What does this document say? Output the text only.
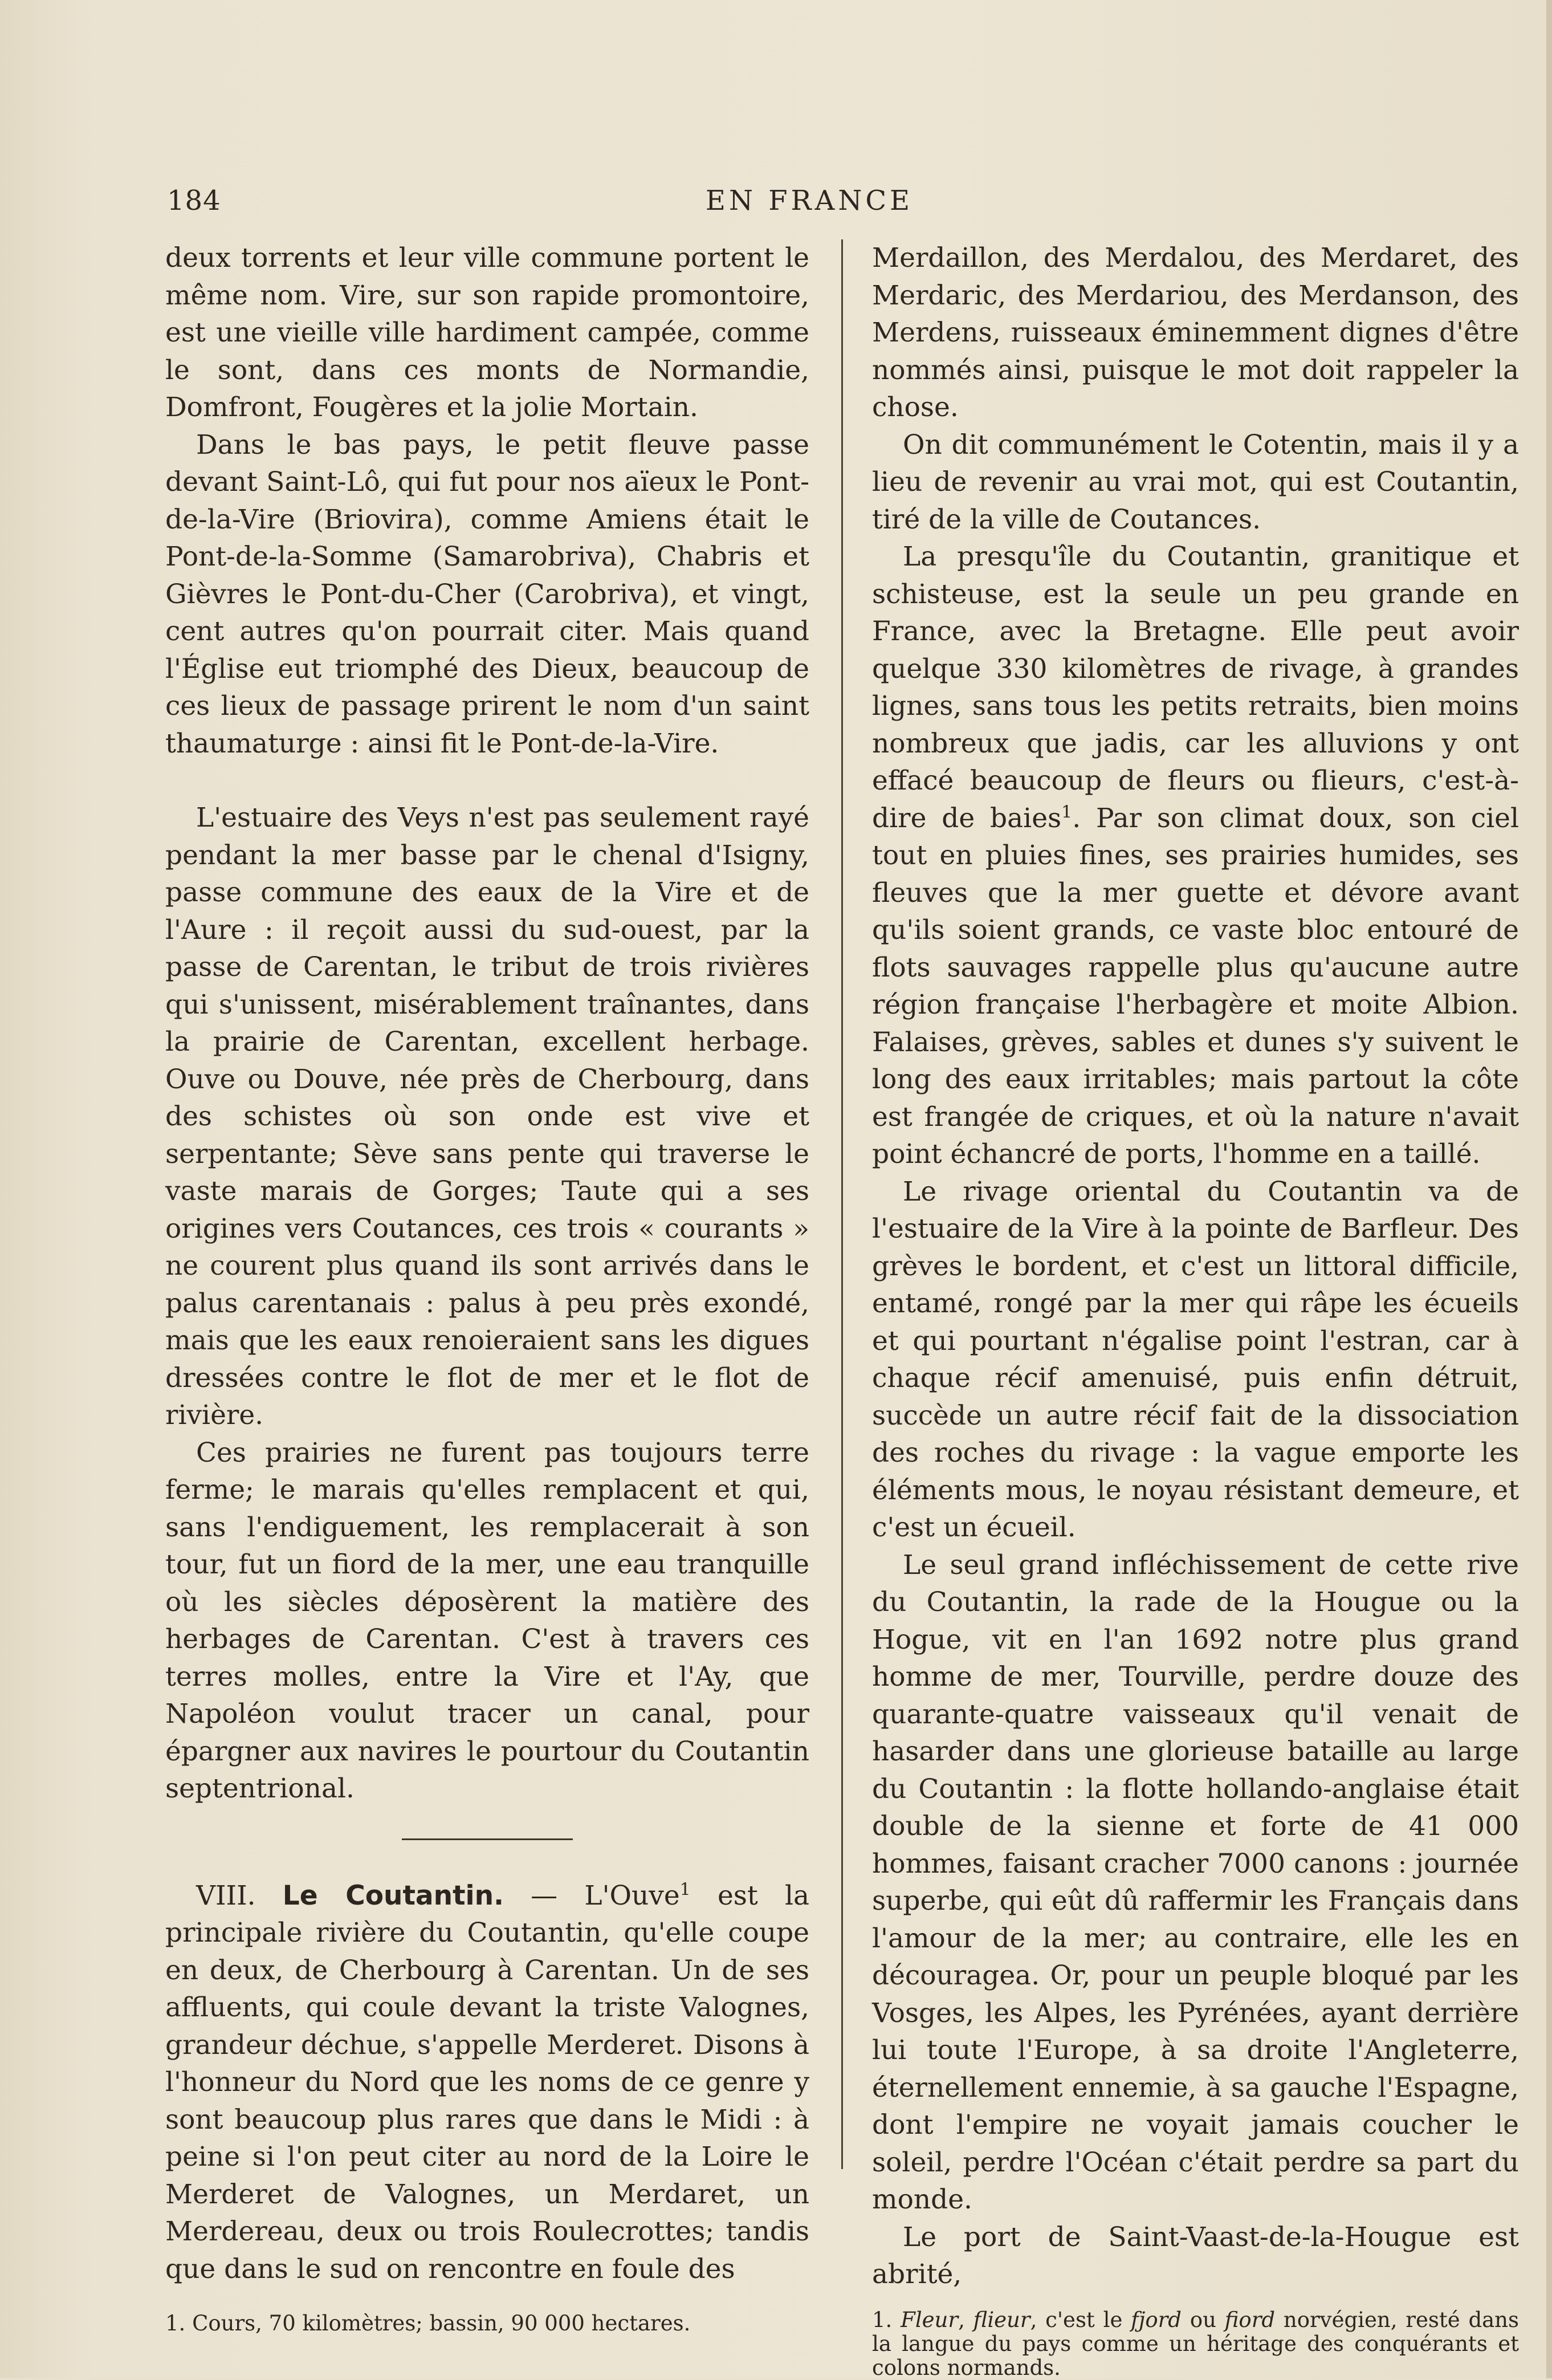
184	EN FRANCE

deux torrents et leur ville commune portent le même nom. Vire, sur son rapide promontoire, est une vieille ville hardiment campée, comme le sont, dans ces monts de Normandie, Domfront, Fougères et la jolie Mortain.

Dans le bas pays, le petit fleuve passe devant Saint-Lô, qui fut pour nos aïeux le Pont-de-la-Vire (Briovira), comme Amiens était le Pont-de-la-Somme (Samarobriva), Chabris et Gièvres le Pont-du-Cher (Carobriva), et vingt, cent autres qu'on pourrait citer. Mais quand l'Église eut triomphé des Dieux, beaucoup de ces lieux de passage prirent le nom d'un saint thaumaturge : ainsi fit le Pont-de-la-Vire.

L'estuaire des Veys n'est pas seulement rayé pendant la mer basse par le chenal d'Isigny, passe commune des eaux de la Vire et de l'Aure : il reçoit aussi du sud-ouest, par la passe de Carentan, le tribut de trois rivières qui s'unissent, misérablement traînantes, dans la prairie de Carentan, excellent herbage. Ouve ou Douve, née près de Cherbourg, dans des schistes où son onde est vive et serpentante; Sève sans pente qui traverse le vaste marais de Gorges; Taute qui a ses origines vers Coutances, ces trois « courants » ne courent plus quand ils sont arrivés dans le palus carentanais : palus à peu près exondé, mais que les eaux renoieraient sans les digues dressées contre le flot de mer et le flot de rivière.

Ces prairies ne furent pas toujours terre ferme; le marais qu'elles remplacent et qui, sans l'endiguement, les remplacerait à son tour, fut un fiord de la mer, une eau tranquille où les siècles déposèrent la matière des herbages de Carentan. C'est à travers ces terres molles, entre la Vire et l'Ay, que Napoléon voulut tracer un canal, pour épargner aux navires le pourtour du Coutantin septentrional.

VIII. Le Coutantin. — L'Ouve$^1$ est la principale rivière du Coutantin, qu'elle coupe en deux, de Cherbourg à Carentan. Un de ses affluents, qui coule devant la triste Valognes, grandeur déchue, s'appelle Merderet. Disons à l'honneur du Nord que les noms de ce genre y sont beaucoup plus rares que dans le Midi : à peine si l'on peut citer au nord de la Loire le Merderet de Valognes, un Merdaret, un Merdereau, deux ou trois Roulecrottes; tandis que dans le sud on rencontre en foule des

1. Cours, 70 kilomètres; bassin, 90 000 hectares.

Merdaillon, des Merdalou, des Merdaret, des Merdaric, des Merdariou, des Merdanson, des Merdens, ruisseaux éminemment dignes d'être nommés ainsi, puisque le mot doit rappeler la chose.

On dit communément le Cotentin, mais il y a lieu de revenir au vrai mot, qui est Coutantin, tiré de la ville de Coutances.

La presqu'île du Coutantin, granitique et schisteuse, est la seule un peu grande en France, avec la Bretagne. Elle peut avoir quelque 330 kilomètres de rivage, à grandes lignes, sans tous les petits retraits, bien moins nombreux que jadis, car les alluvions y ont effacé beaucoup de fleurs ou flieurs, c'est-à-dire de baies$^1$. Par son climat doux, son ciel tout en pluies fines, ses prairies humides, ses fleuves que la mer guette et dévore avant qu'ils soient grands, ce vaste bloc entouré de flots sauvages rappelle plus qu'aucune autre région française l'herbagère et moite Albion. Falaises, grèves, sables et dunes s'y suivent le long des eaux irritables; mais partout la côte est frangée de criques, et où la nature n'avait point échancré de ports, l'homme en a taillé.

Le rivage oriental du Coutantin va de l'estuaire de la Vire à la pointe de Barfleur. Des grèves le bordent, et c'est un littoral difficile, entamé, rongé par la mer qui râpe les écueils et qui pourtant n'égalise point l'estran, car à chaque récif amenuisé, puis enfin détruit, succède un autre récif fait de la dissociation des roches du rivage : la vague emporte les éléments mous, le noyau résistant demeure, et c'est un écueil.

Le seul grand infléchissement de cette rive du Coutantin, la rade de la Hougue ou la Hogue, vit en l'an 1692 notre plus grand homme de mer, Tourville, perdre douze des quarante-quatre vaisseaux qu'il venait de hasarder dans une glorieuse bataille au large du Coutantin : la flotte hollando-anglaise était double de la sienne et forte de 41 000 hommes, faisant cracher 7000 canons : journée superbe, qui eût dû raffermir les Français dans l'amour de la mer; au contraire, elle les en découragea. Or, pour un peuple bloqué par les Vosges, les Alpes, les Pyrénées, ayant derrière lui toute l'Europe, à sa droite l'Angleterre, éternellement ennemie, à sa gauche l'Espagne, dont l'empire ne voyait jamais coucher le soleil, perdre l'Océan c'était perdre sa part du monde.

Le port de Saint-Vaast-de-la-Hougue est abrité,

1. Fleur, flieur, c'est le fjord ou fiord norvégien, resté dans la langue du pays comme un héritage des conquérants et colons normands.
